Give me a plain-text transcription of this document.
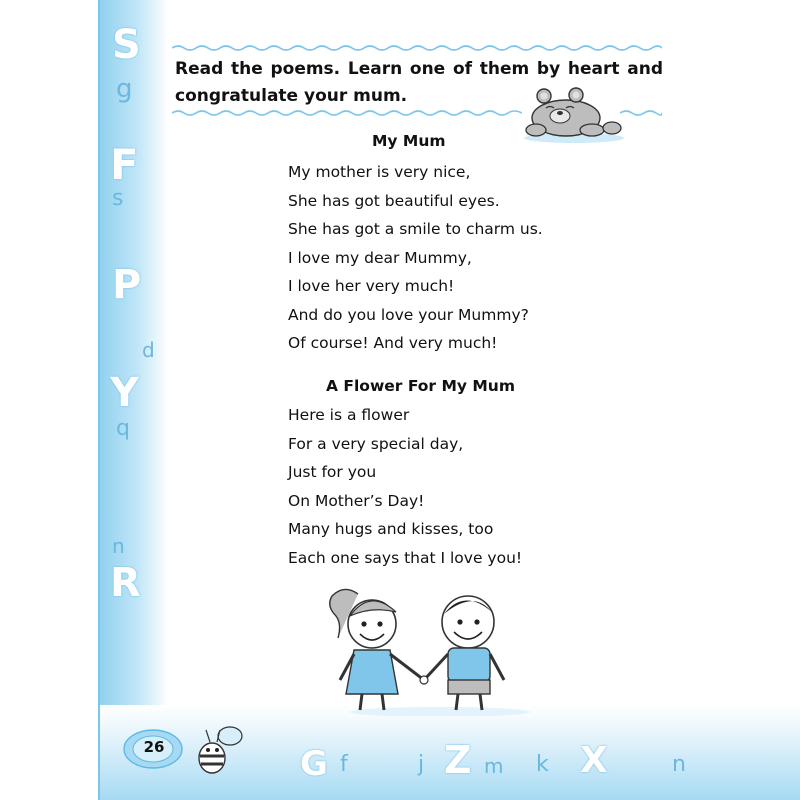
S
g
F
s
P
d
Y
q
n
R
G f	j Z m k X	n

Read the poems. Learn one of them by heart and congratulate your mum.

My Mum
My mother is very nice,
She has got beautiful eyes.
She has got a smile to charm us.
I love my dear Mummy,
I love her very much!
And do you love your Mummy?
Of course! And very much!
A Flower For My Mum
Here is a flower
For a very special day,
Just for you
On Mother’s Day!
Many hugs and kisses, too
Each one says that I love you!
26
